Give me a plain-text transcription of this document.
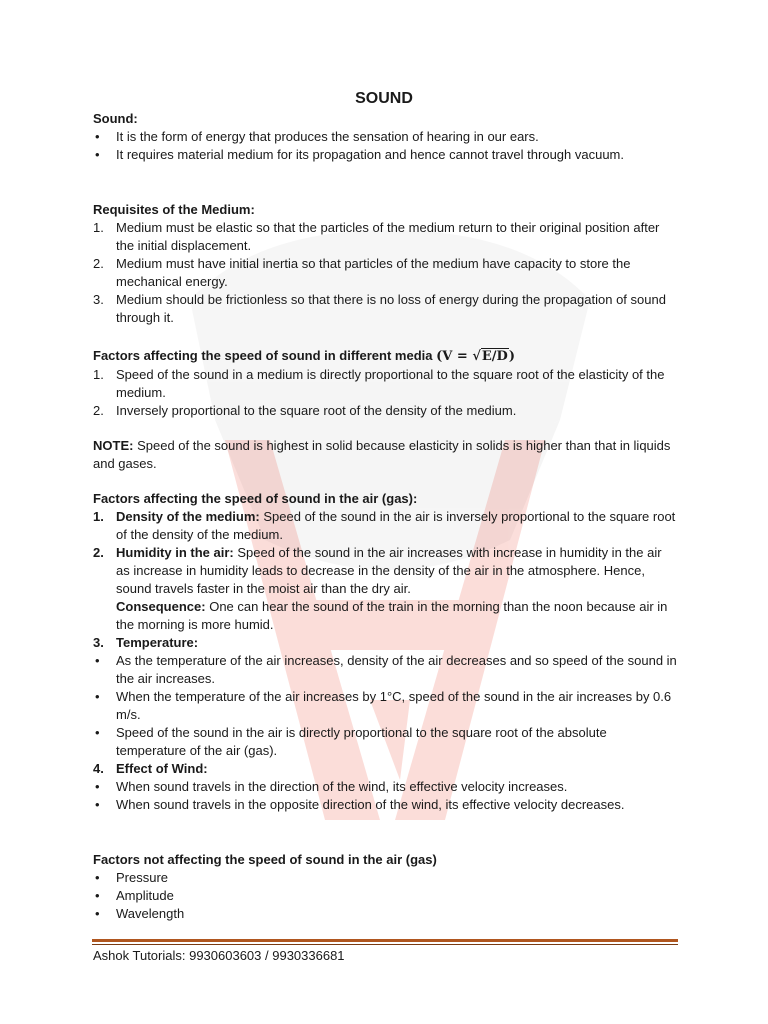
SOUND
Sound:
• It is the form of energy that produces the sensation of hearing in our ears.
• It requires material medium for its propagation and hence cannot travel through vacuum.
Requisites of the Medium:
1. Medium must be elastic so that the particles of the medium return to their original position after the initial displacement.
2. Medium must have initial inertia so that particles of the medium have capacity to store the mechanical energy.
3. Medium should be frictionless so that there is no loss of energy during the propagation of sound through it.
Factors affecting the speed of sound in different media (V = √E/D)
1. Speed of the sound in a medium is directly proportional to the square root of the elasticity of the medium.
2. Inversely proportional to the square root of the density of the medium.
NOTE: Speed of the sound is highest in solid because elasticity in solids is higher than that in liquids and gases.
Factors affecting the speed of sound in the air (gas):
1. Density of the medium: Speed of the sound in the air is inversely proportional to the square root of the density of the medium.
2. Humidity in the air: Speed of the sound in the air increases with increase in humidity in the air as increase in humidity leads to decrease in the density of the air in the atmosphere. Hence, sound travels faster in the moist air than the dry air.
Consequence: One can hear the sound of the train in the morning than the noon because air in the morning is more humid.
3. Temperature:
• As the temperature of the air increases, density of the air decreases and so speed of the sound in the air increases.
• When the temperature of the air increases by 1°C, speed of the sound in the air increases by 0.6 m/s.
• Speed of the sound in the air is directly proportional to the square root of the absolute temperature of the air (gas).
4. Effect of Wind:
• When sound travels in the direction of the wind, its effective velocity increases.
• When sound travels in the opposite direction of the wind, its effective velocity decreases.
Factors not affecting the speed of sound in the air (gas)
• Pressure
• Amplitude
• Wavelength
Ashok Tutorials: 9930603603 / 9930336681
